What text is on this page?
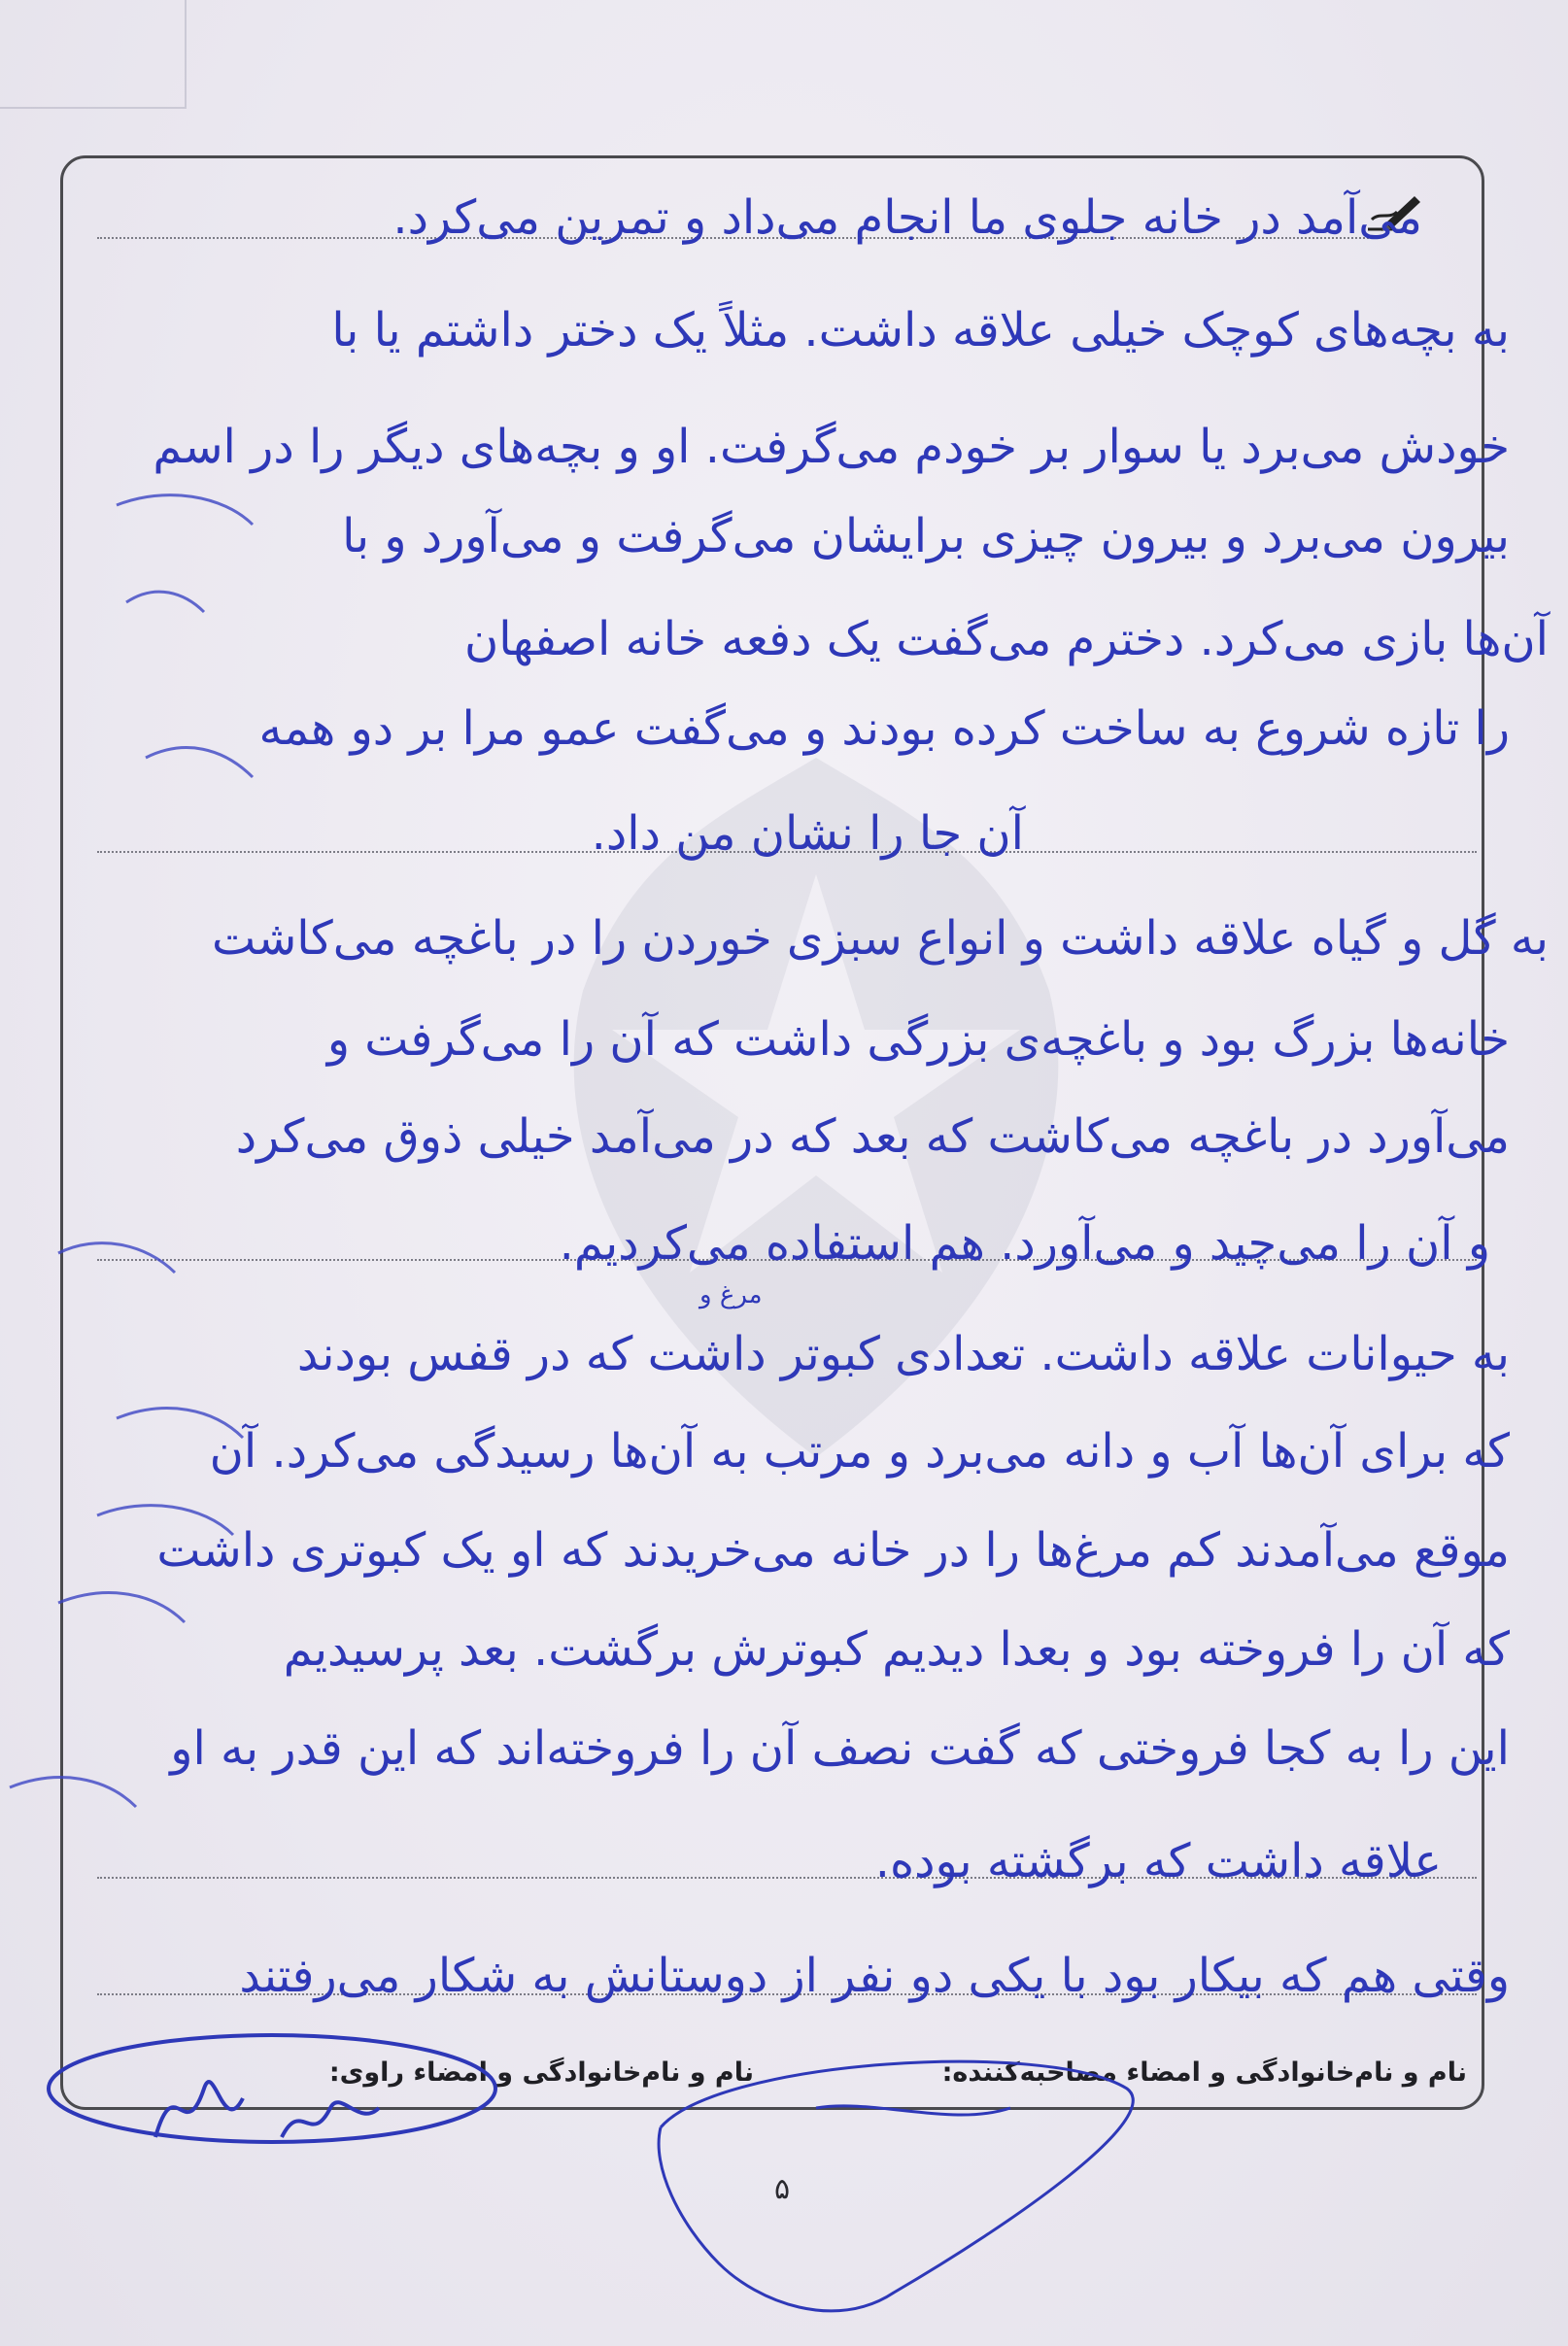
می‌آمد در خانه جلوی ما انجام می‌داد و تمرین می‌کرد.
به بچه‌های کوچک خیلی علاقه داشت. مثلاً یک دختر داشتم یا با
خودش می‌برد یا سوار بر خودم می‌گرفت. او و بچه‌های دیگر را در اسم
بیرون می‌برد و بیرون چیزی برایشان می‌گرفت و می‌آورد و با
آن‌ها بازی می‌کرد. دخترم می‌گفت یک دفعه خانه اصفهان
را تازه شروع به ساخت کرده بودند و می‌گفت عمو مرا بر دو همه
آن جا را نشان من داد.
به گل و گیاه علاقه داشت و انواع سبزی خوردن را در باغچه می‌کاشت
خانه‌ها بزرگ بود و باغچه‌ی بزرگی داشت که آن را می‌گرفت و
می‌آورد در باغچه می‌کاشت که بعد که در می‌آمد خیلی ذوق می‌کرد
و آن را می‌چید و می‌آورد. هم استفاده می‌کردیم.
به حیوانات علاقه داشت. تعدادی کبوتر داشت که در قفس بودند
که برای آن‌ها آب و دانه می‌برد و مرتب به آن‌ها رسیدگی می‌کرد. آن
موقع می‌آمدند کم مرغ‌ها را در خانه می‌خریدند که او یک کبوتری داشت
که آن را فروخته بود و بعدا دیدیم کبوترش برگشت. بعد پرسیدیم
این را به کجا فروختی که گفت نصف آن را فروخته‌اند که این قدر به او
علاقه داشت که برگشته بوده.
وقتی هم که بیکار بود با یکی دو نفر از دوستانش به شکار می‌رفتند
مرغ و
نام و نام‌خانوادگی و امضاء مصاحبه‌کننده:
نام و نام‌خانوادگی و امضاء راوی:
۵
